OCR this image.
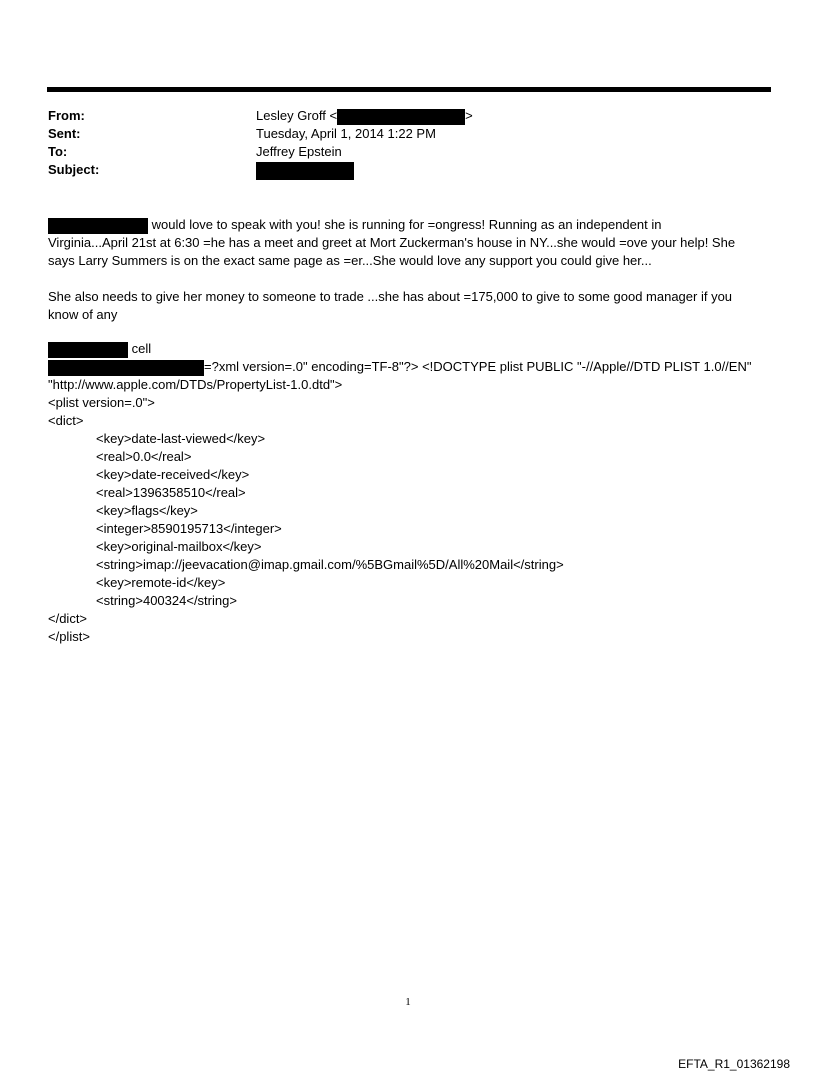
From:	Lesley Groff <	>
Sent:	Tuesday, April 1, 2014 1:22 PM
To:	Jeffrey Epstein
Subject:

would love to speak with you! she is running for =ongress! Running as an independent in
Virginia...April 21st at 6:30 =he has a meet and greet at Mort Zuckerman's house in NY...she would =ove your help! She
says Larry Summers is on the exact same page as =er...She would love any support you could give her...

She also needs to give her money to someone to trade ...she has about =175,000 to give to some good manager if you
know of any

cell
=?xml version=.0" encoding=TF-8"?> <!DOCTYPE plist PUBLIC "-//Apple//DTD PLIST 1.0//EN"
"http://www.apple.com/DTDs/PropertyList-1.0.dtd">
<plist version=.0">
<dict>
<key>date-last-viewed</key>
<real>0.0</real>
<key>date-received</key>
<real>1396358510</real>
<key>flags</key>
<integer>8590195713</integer>
<key>original-mailbox</key>
<string>imap://jeevacation@imap.gmail.com/%5BGmail%5D/All%20Mail</string>
<key>remote-id</key>
<string>400324</string>
</dict>
</plist>
1
EFTA_R1_01362198
